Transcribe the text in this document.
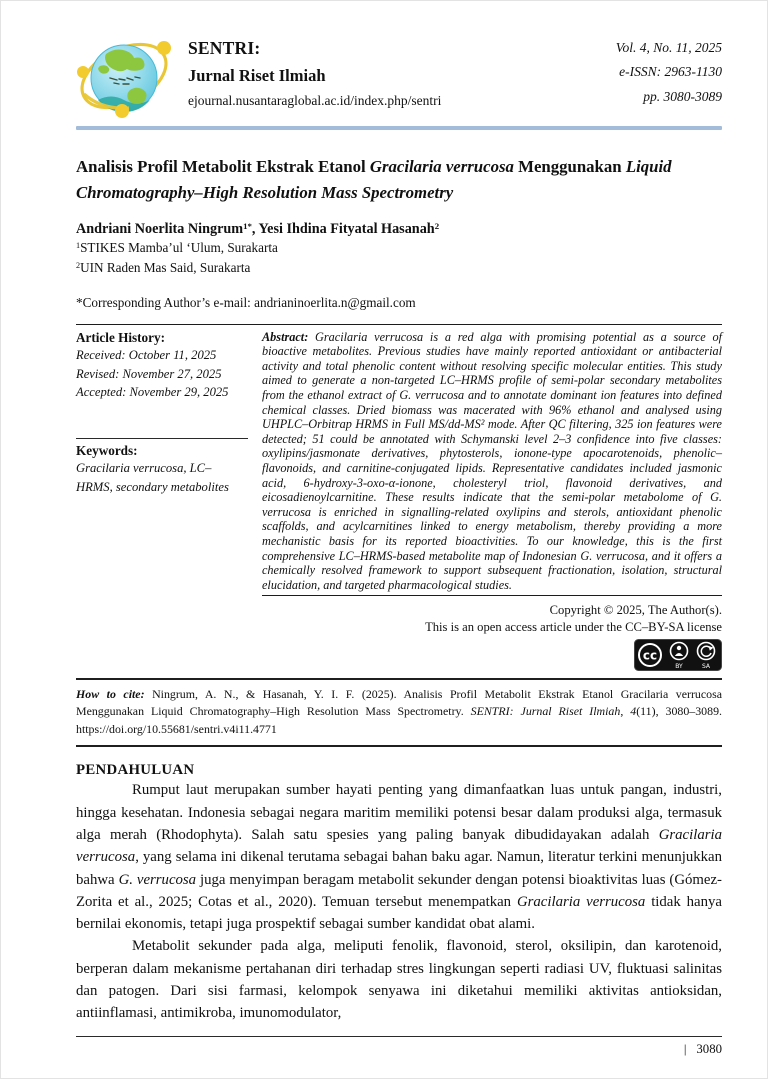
SENTRI:
Jurnal Riset Ilmiah
ejournal.nusantaraglobal.ac.id/index.php/sentri
Vol. 4, No. 11, 2025
e-ISSN: 2963-1130
pp. 3080-3089
Analisis Profil Metabolit Ekstrak Etanol Gracilaria verrucosa Menggunakan Liquid Chromatography–High Resolution Mass Spectrometry
Andriani Noerlita Ningrum$^{1*}$, Yesi Ihdina Fityatal Hasanah$^2$
$^1$STIKES Mamba’ul ‘Ulum, Surakarta
$^2$UIN Raden Mas Said, Surakarta
*Corresponding Author’s e-mail: andrianinoerlita.n@gmail.com
Article History:
Received: October 11, 2025
Revised: November 27, 2025
Accepted: November 29, 2025
Keywords:
Gracilaria verrucosa, LC–HRMS, secondary metabolites
Abstract: Gracilaria verrucosa is a red alga with promising potential as a source of bioactive metabolites. Previous studies have mainly reported antioxidant or antibacterial activity and total phenolic content without resolving specific molecular entities. This study aimed to generate a non-targeted LC–HRMS profile of semi-polar secondary metabolites from the ethanol extract of G. verrucosa and to annotate dominant ion features into defined chemical classes. Dried biomass was macerated with 96% ethanol and analysed using UHPLC–Orbitrap HRMS in Full MS/dd-MS² mode. After QC filtering, 325 ion features were detected; 51 could be annotated with Schymanski level 2–3 confidence into five classes: oxylipins/jasmonate derivatives, phytosterols, ionone-type apocarotenoids, phenolic–flavonoids, and carnitine-conjugated lipids. Representative candidates included jasmonic acid, 6-hydroxy-3-oxo-α-ionone, cholesteryl triol, flavonoid derivatives, and eicosadienoylcarnitine. These results indicate that the semi-polar metabolome of G. verrucosa is enriched in signalling-related oxylipins and sterols, antioxidant phenolic scaffolds, and acylcarnitines linked to energy metabolism, thereby providing a more mechanistic basis for its reported bioactivities. To our knowledge, this is the first comprehensive LC–HRMS-based metabolite map of Indonesian G. verrucosa, and it offers a chemically resolved framework to support subsequent fractionation, isolation, structural elucidation, and targeted pharmacological studies.
Copyright © 2025, The Author(s).
This is an open access article under the CC–BY-SA license
cc
BY	SA
How to cite: Ningrum, A. N., & Hasanah, Y. I. F. (2025). Analisis Profil Metabolit Ekstrak Etanol Gracilaria verrucosa Menggunakan Liquid Chromatography–High Resolution Mass Spectrometry. SENTRI: Jurnal Riset Ilmiah, 4(11), 3080–3089. https://doi.org/10.55681/sentri.v4i11.4771
PENDAHULUAN

Rumput laut merupakan sumber hayati penting yang dimanfaatkan luas untuk pangan, industri, hingga kesehatan. Indonesia sebagai negara maritim memiliki potensi besar dalam produksi alga, termasuk alga merah (Rhodophyta). Salah satu spesies yang paling banyak dibudidayakan adalah Gracilaria verrucosa, yang selama ini dikenal terutama sebagai bahan baku agar. Namun, literatur terkini menunjukkan bahwa G. verrucosa juga menyimpan beragam metabolit sekunder dengan potensi bioaktivitas luas (Gómez-Zorita et al., 2025; Cotas et al., 2020). Temuan tersebut menempatkan Gracilaria verrucosa tidak hanya bernilai ekonomis, tetapi juga prospektif sebagai sumber kandidat obat alami.

Metabolit sekunder pada alga, meliputi fenolik, flavonoid, sterol, oksilipin, dan karotenoid, berperan dalam mekanisme pertahanan diri terhadap stres lingkungan seperti radiasi UV, fluktuasi salinitas dan patogen. Dari sisi farmasi, kelompok senyawa ini diketahui memiliki aktivitas antioksidan, antiinflamasi, antimikroba, imunomodulator,

| 3080
